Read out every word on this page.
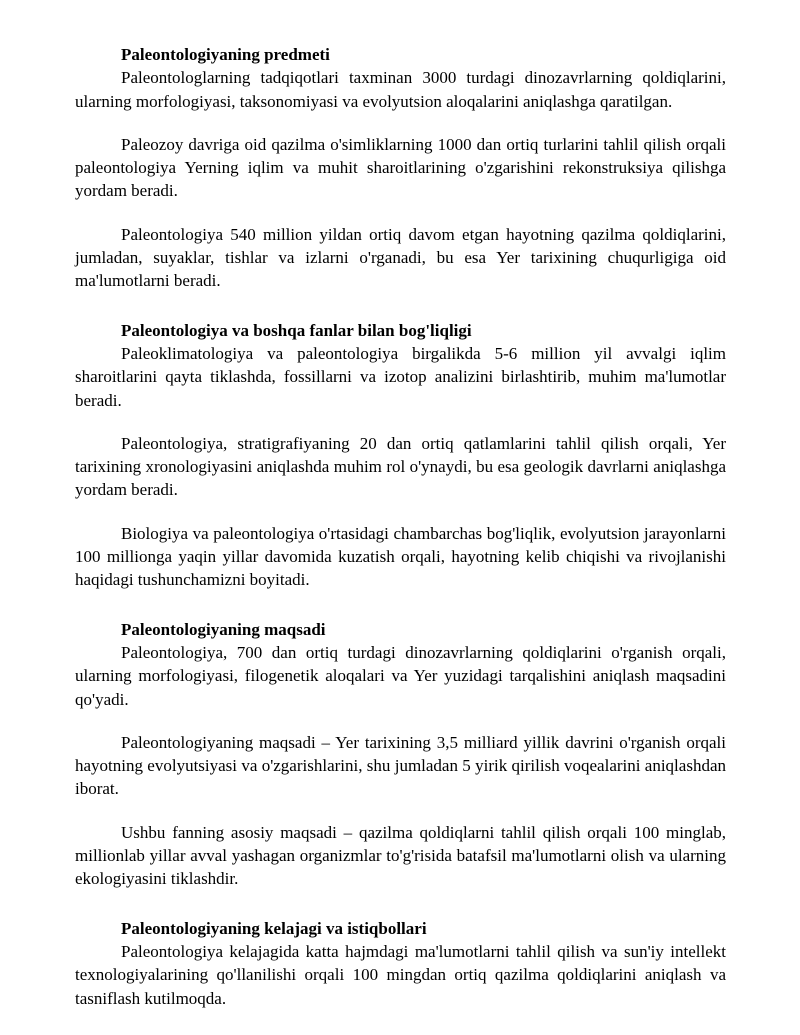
Paleontologiyaning predmeti

Paleontologlarning tadqiqotlari taxminan 3000 turdagi dinozavrlarning qoldiqlarini, ularning morfologiyasi, taksonomiyasi va evolyutsion aloqalarini aniqlashga qaratilgan.

Paleozoy davriga oid qazilma o'simliklarning 1000 dan ortiq turlarini tahlil qilish orqali paleontologiya Yerning iqlim va muhit sharoitlarining o'zgarishini rekonstruksiya qilishga yordam beradi.

Paleontologiya 540 million yildan ortiq davom etgan hayotning qazilma qoldiqlarini, jumladan, suyaklar, tishlar va izlarni o'rganadi, bu esa Yer tarixining chuqurligiga oid ma'lumotlarni beradi.

Paleontologiya va boshqa fanlar bilan bog'liqligi

Paleoklimatologiya va paleontologiya birgalikda 5-6 million yil avvalgi iqlim sharoitlarini qayta tiklashda, fossillarni va izotop analizini birlashtirib, muhim ma'lumotlar beradi.

Paleontologiya, stratigrafiyaning 20 dan ortiq qatlamlarini tahlil qilish orqali, Yer tarixining xronologiyasini aniqlashda muhim rol o'ynaydi, bu esa geologik davrlarni aniqlashga yordam beradi.

Biologiya va paleontologiya o'rtasidagi chambarchas bog'liqlik, evolyutsion jarayonlarni 100 millionga yaqin yillar davomida kuzatish orqali, hayotning kelib chiqishi va rivojlanishi haqidagi tushunchamizni boyitadi.

Paleontologiyaning maqsadi

Paleontologiya, 700 dan ortiq turdagi dinozavrlarning qoldiqlarini o'rganish orqali, ularning morfologiyasi, filogenetik aloqalari va Yer yuzidagi tarqalishini aniqlash maqsadini qo'yadi.

Paleontologiyaning maqsadi – Yer tarixining 3,5 milliard yillik davrini o'rganish orqali hayotning evolyutsiyasi va o'zgarishlarini, shu jumladan 5 yirik qirilish voqealarini aniqlashdan iborat.

Ushbu fanning asosiy maqsadi – qazilma qoldiqlarni tahlil qilish orqali 100 minglab, millionlab yillar avval yashagan organizmlar to'g'risida batafsil ma'lumotlarni olish va ularning ekologiyasini tiklashdir.

Paleontologiyaning kelajagi va istiqbollari

Paleontologiya kelajagida katta hajmdagi ma'lumotlarni tahlil qilish va sun'iy intellekt texnologiyalarining qo'llanilishi orqali 100 mingdan ortiq qazilma qoldiqlarini aniqlash va tasniflash kutilmoqda.
